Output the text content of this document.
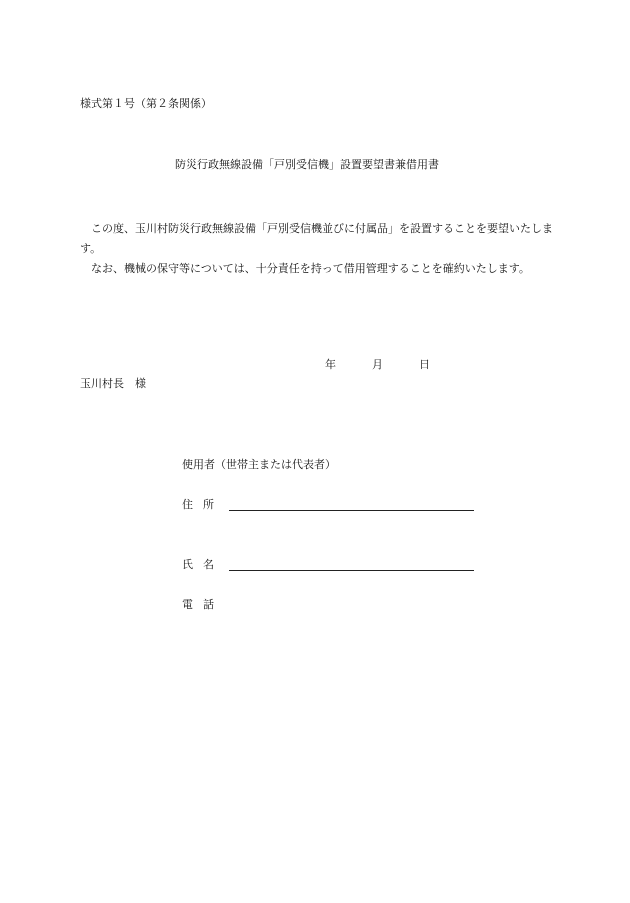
様式第１号（第２条関係）
防災行政無線設備「戸別受信機」設置要望書兼借用書
この度、玉川村防災行政無線設備「戸別受信機並びに付属品」を設置することを要望いたします。
なお、機械の保守等については、十分責任を持って借用管理することを確約いたします。
年	月	日
玉川村長　様
使用者（世帯主または代表者）
住所
氏名
電話
